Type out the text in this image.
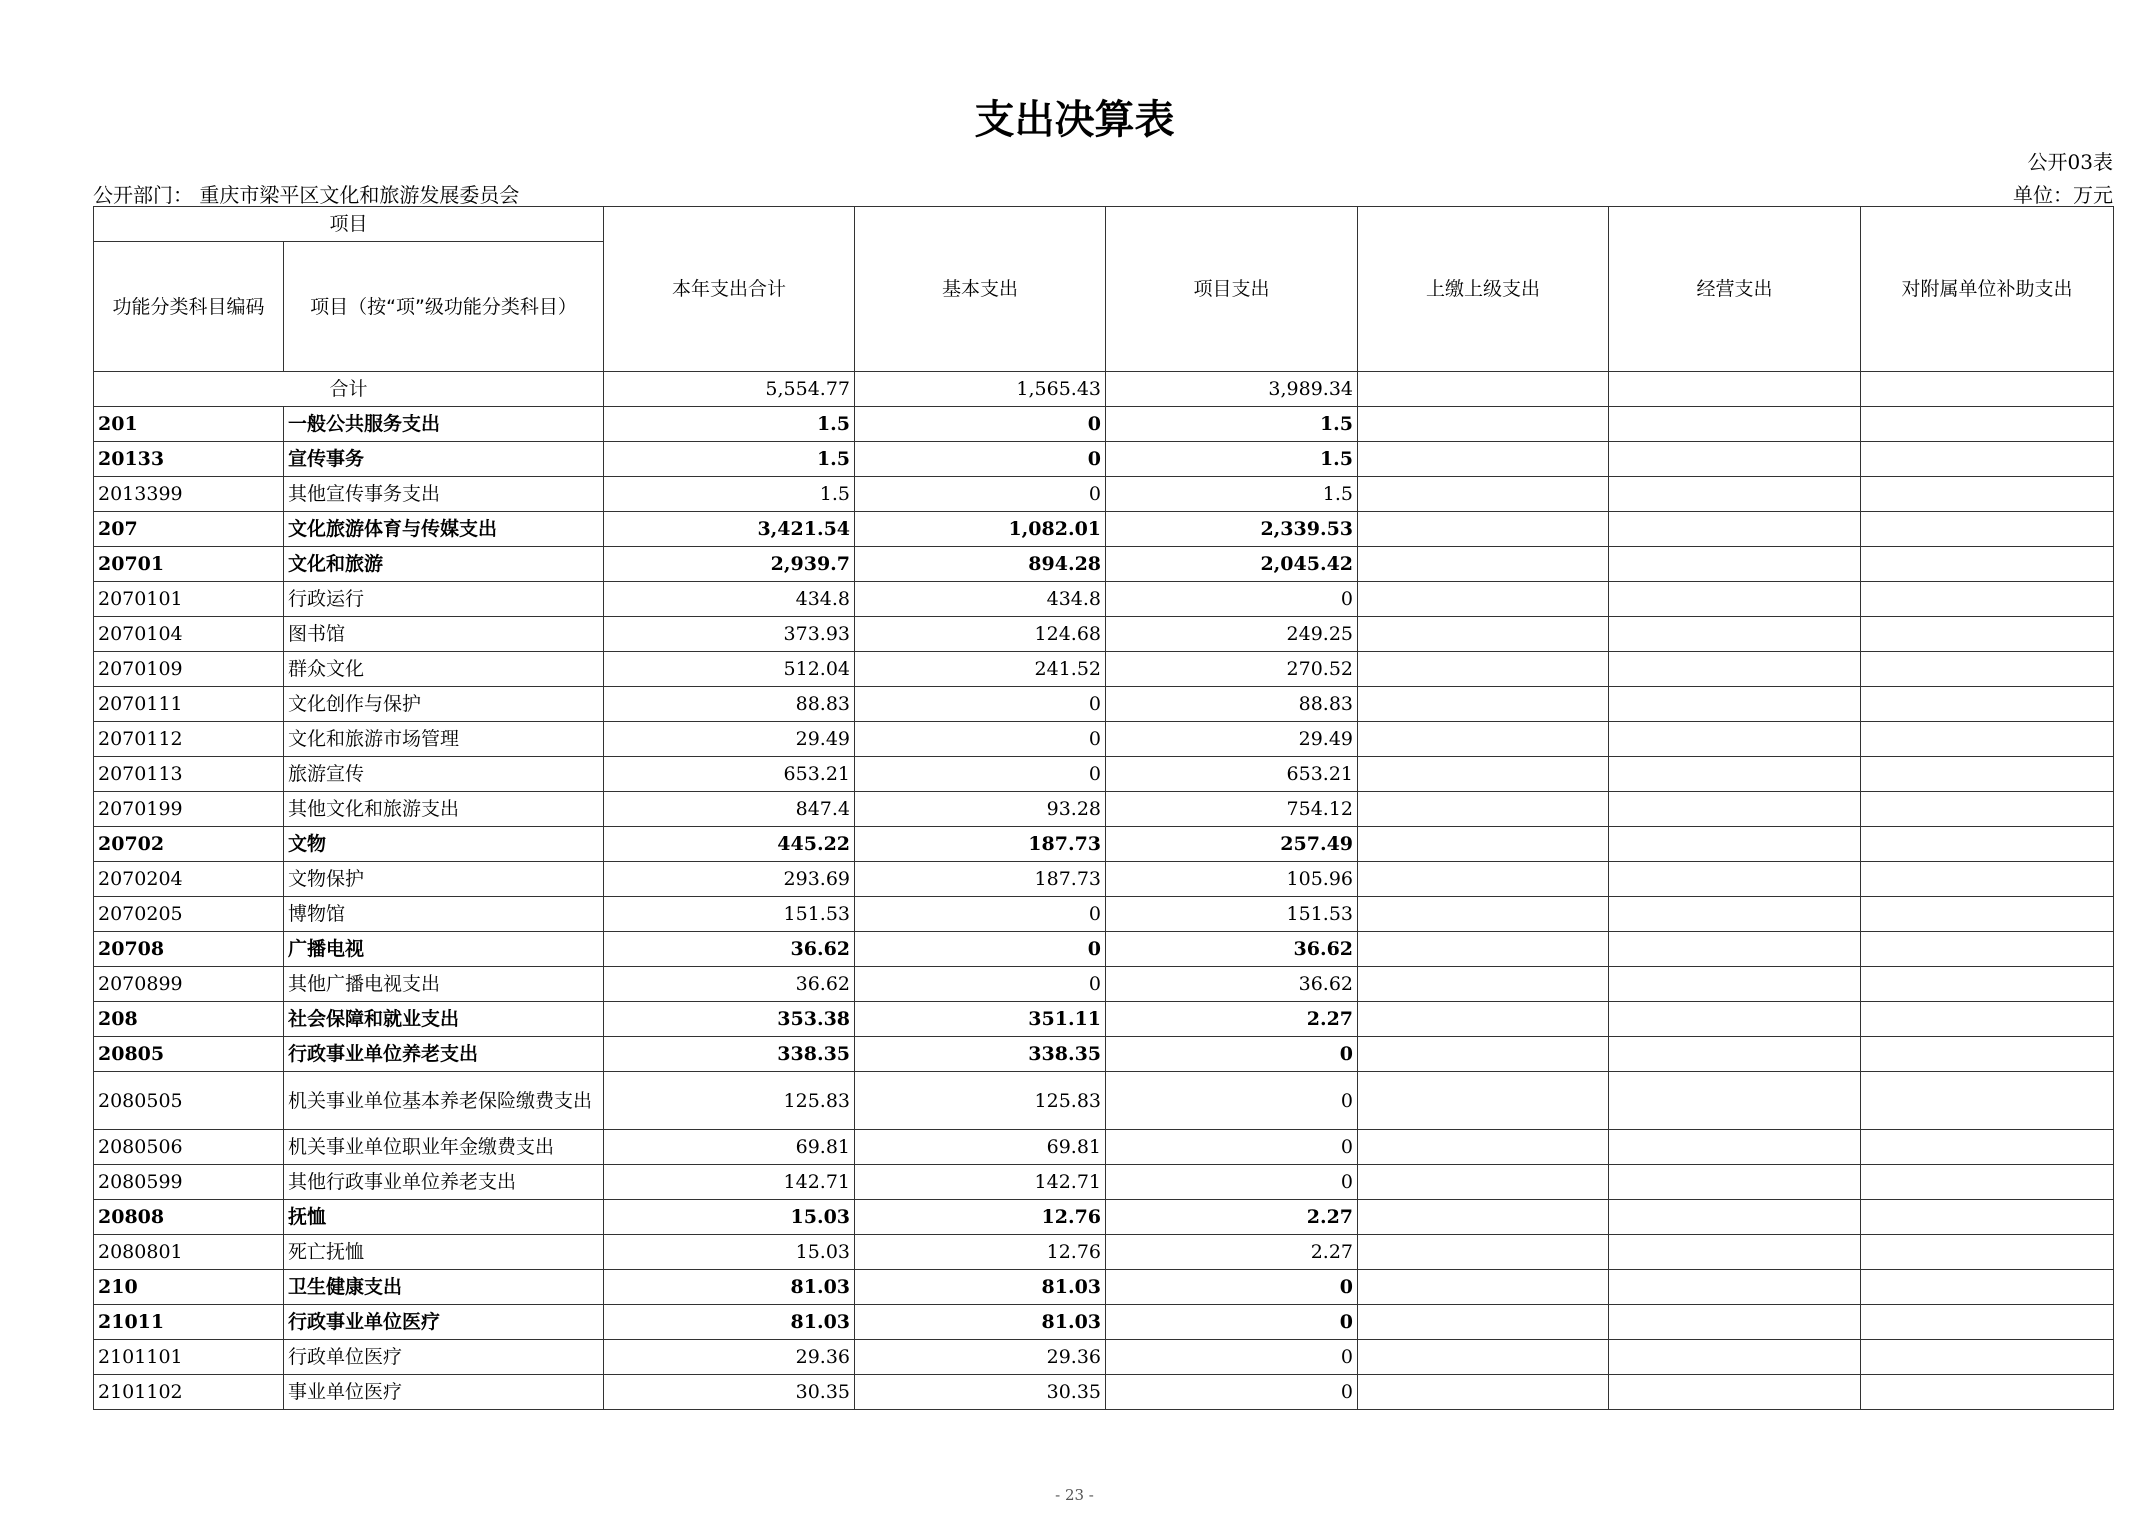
支出决算表
公开03表
公开部门： 重庆市梁平区文化和旅游发展委员会	单位：万元
项目		本年支出合计	基本支出	项目支出	上缴上级支出	经营支出	对附属单位补助支出
功能分类科目编码	项目（按“项”级功能分类科目）						
合计		5,554.77	1,565.43	3,989.34			
201	一般公共服务支出	1.5	0	1.5			
20133	宣传事务	1.5	0	1.5			
2013399	其他宣传事务支出	1.5	0	1.5			
207	文化旅游体育与传媒支出	3,421.54	1,082.01	2,339.53			
20701	文化和旅游	2,939.7	894.28	2,045.42			
2070101	行政运行	434.8	434.8	0			
2070104	图书馆	373.93	124.68	249.25			
2070109	群众文化	512.04	241.52	270.52			
2070111	文化创作与保护	88.83	0	88.83			
2070112	文化和旅游市场管理	29.49	0	29.49			
2070113	旅游宣传	653.21	0	653.21			
2070199	其他文化和旅游支出	847.4	93.28	754.12			
20702	文物	445.22	187.73	257.49			
2070204	文物保护	293.69	187.73	105.96			
2070205	博物馆	151.53	0	151.53			
20708	广播电视	36.62	0	36.62			
2070899	其他广播电视支出	36.62	0	36.62			
208	社会保障和就业支出	353.38	351.11	2.27			
20805	行政事业单位养老支出	338.35	338.35	0			
2080505	机关事业单位基本养老保险缴费支出	125.83	125.83	0			
2080506	机关事业单位职业年金缴费支出	69.81	69.81	0			
2080599	其他行政事业单位养老支出	142.71	142.71	0			
20808	抚恤	15.03	12.76	2.27			
2080801	死亡抚恤	15.03	12.76	2.27			
210	卫生健康支出	81.03	81.03	0			
21011	行政事业单位医疗	81.03	81.03	0			
2101101	行政单位医疗	29.36	29.36	0			
2101102	事业单位医疗	30.35	30.35	0			
- 23 -
